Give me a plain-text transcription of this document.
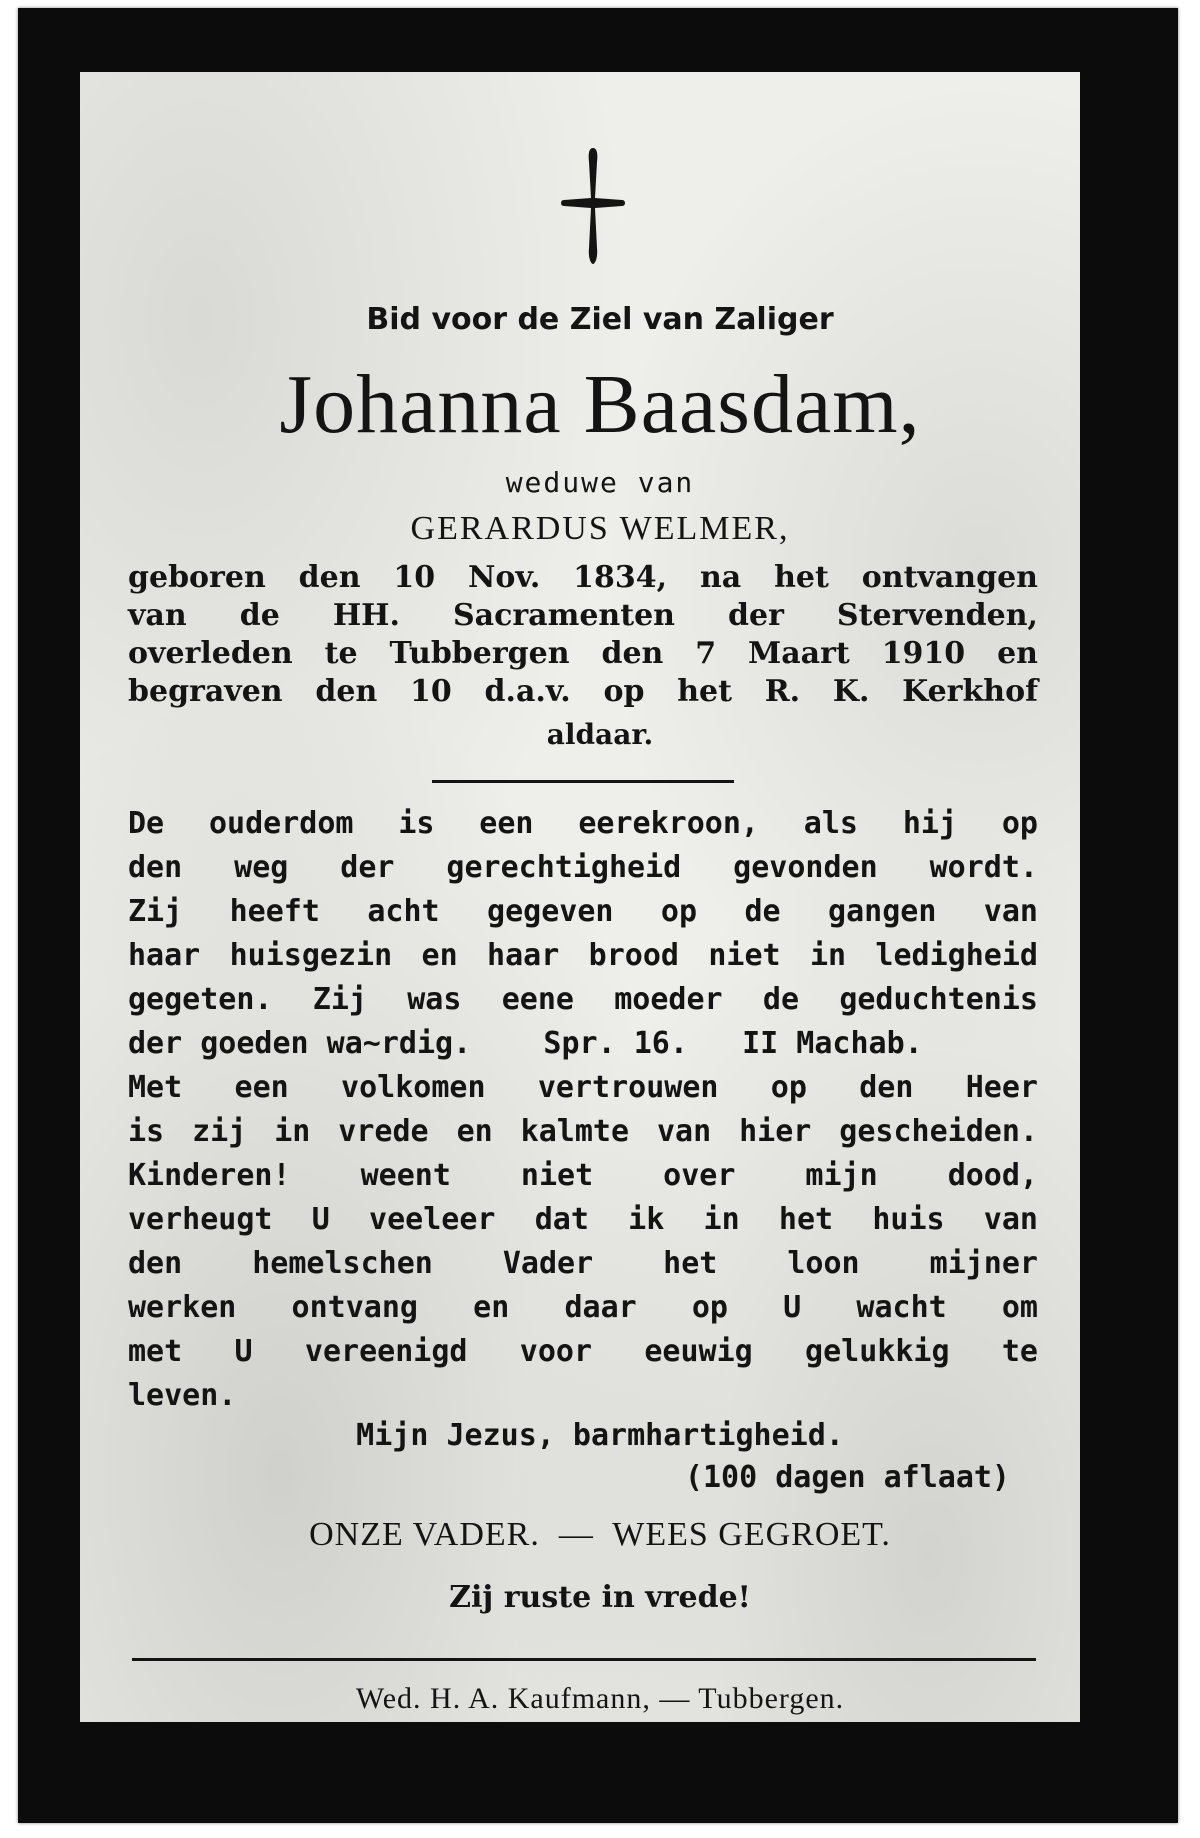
Bid voor de Ziel van Zaliger
Johanna Baasdam,
weduwe van
GERARDUS WELMER,
geboren den 10 Nov. 1834, na het ontvangen
van de HH. Sacramenten der Stervenden,
overleden te Tubbergen den 7 Maart 1910 en
begraven den 10 d.a.v. op het R. K. Kerkhof
aldaar.
De ouderdom is een eerekroon, als hij op
den weg der gerechtigheid gevonden wordt.
Zij heeft acht gegeven op de gangen van
haar huisgezin en haar brood niet in ledigheid
gegeten. Zij was eene moeder de geduchtenis
der goeden wa~rdig.    Spr. 16.   II Machab.
Met een volkomen vertrouwen op den Heer
is zij in vrede en kalmte van hier gescheiden.
Kinderen! weent niet over mijn dood,
verheugt U veeleer dat ik in het huis van
den hemelschen Vader het loon mijner
werken ontvang en daar op U wacht om
met U vereenigd voor eeuwig gelukkig te
leven.
Mijn Jezus, barmhartigheid.
(100 dagen aflaat)
ONZE VADER.  —  WEES GEGROET.
Zij ruste in vrede!
Wed. H. A. Kaufmann, — Tubbergen.
